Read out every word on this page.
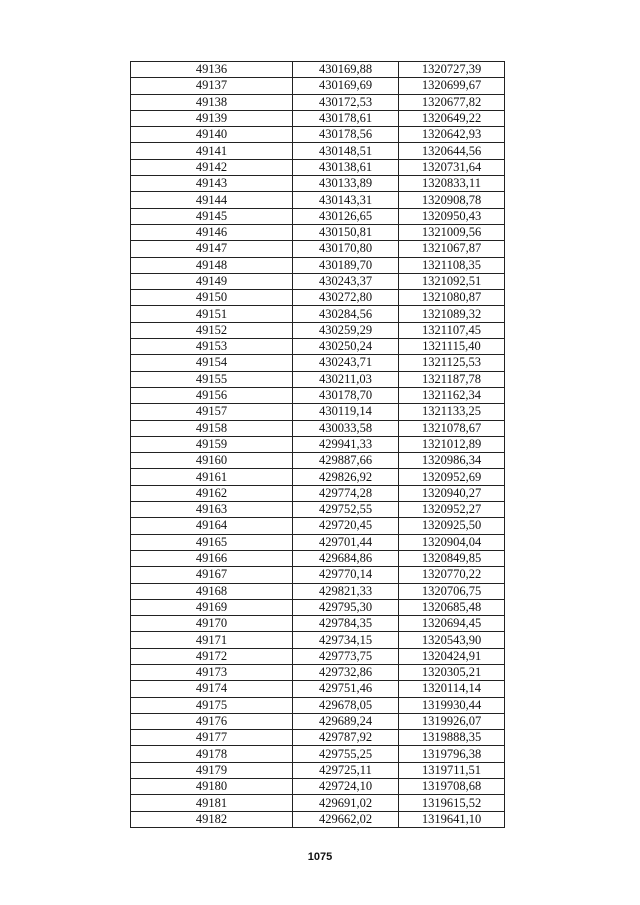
49136	430169,88	1320727,39
49137	430169,69	1320699,67
49138	430172,53	1320677,82
49139	430178,61	1320649,22
49140	430178,56	1320642,93
49141	430148,51	1320644,56
49142	430138,61	1320731,64
49143	430133,89	1320833,11
49144	430143,31	1320908,78
49145	430126,65	1320950,43
49146	430150,81	1321009,56
49147	430170,80	1321067,87
49148	430189,70	1321108,35
49149	430243,37	1321092,51
49150	430272,80	1321080,87
49151	430284,56	1321089,32
49152	430259,29	1321107,45
49153	430250,24	1321115,40
49154	430243,71	1321125,53
49155	430211,03	1321187,78
49156	430178,70	1321162,34
49157	430119,14	1321133,25
49158	430033,58	1321078,67
49159	429941,33	1321012,89
49160	429887,66	1320986,34
49161	429826,92	1320952,69
49162	429774,28	1320940,27
49163	429752,55	1320952,27
49164	429720,45	1320925,50
49165	429701,44	1320904,04
49166	429684,86	1320849,85
49167	429770,14	1320770,22
49168	429821,33	1320706,75
49169	429795,30	1320685,48
49170	429784,35	1320694,45
49171	429734,15	1320543,90
49172	429773,75	1320424,91
49173	429732,86	1320305,21
49174	429751,46	1320114,14
49175	429678,05	1319930,44
49176	429689,24	1319926,07
49177	429787,92	1319888,35
49178	429755,25	1319796,38
49179	429725,11	1319711,51
49180	429724,10	1319708,68
49181	429691,02	1319615,52
49182	429662,02	1319641,10
1075
